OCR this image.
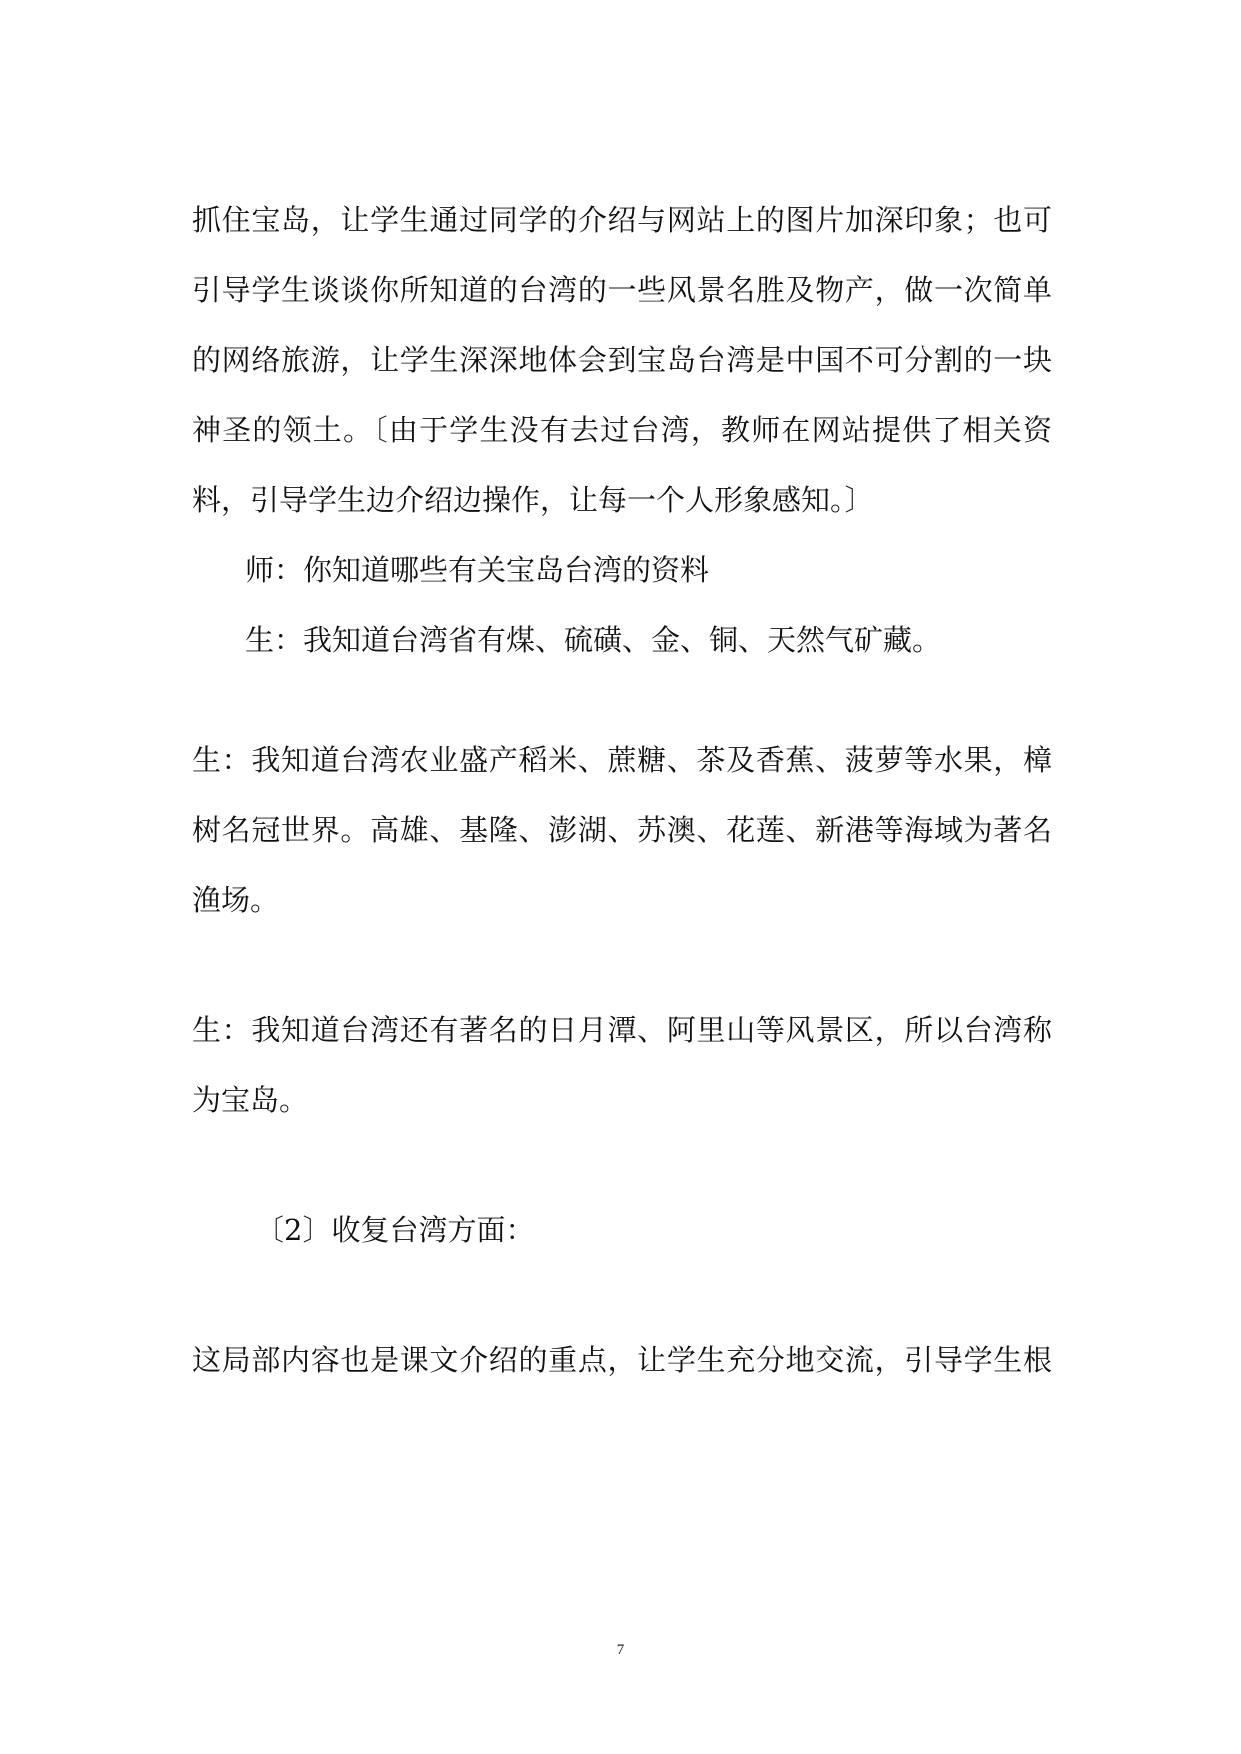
抓住宝岛，让学生通过同学的介绍与网站上的图片加深印象；也可
引导学生谈谈你所知道的台湾的一些风景名胜及物产，做一次简单
的网络旅游，让学生深深地体会到宝岛台湾是中国不可分割的一块
神圣的领土。〔由于学生没有去过台湾，教师在网站提供了相关资
料，引导学生边介绍边操作，让每一个人形象感知。〕
师：你知道哪些有关宝岛台湾的资料
生：我知道台湾省有煤、硫磺、金、铜、天然气矿藏。
生：我知道台湾农业盛产稻米、蔗糖、茶及香蕉、菠萝等水果，樟
树名冠世界。高雄、基隆、澎湖、苏澳、花莲、新港等海域为著名
渔场。
生：我知道台湾还有著名的日月潭、阿里山等风景区，所以台湾称
为宝岛。
〔2〕收复台湾方面：
这局部内容也是课文介绍的重点，让学生充分地交流，引导学生根
7
